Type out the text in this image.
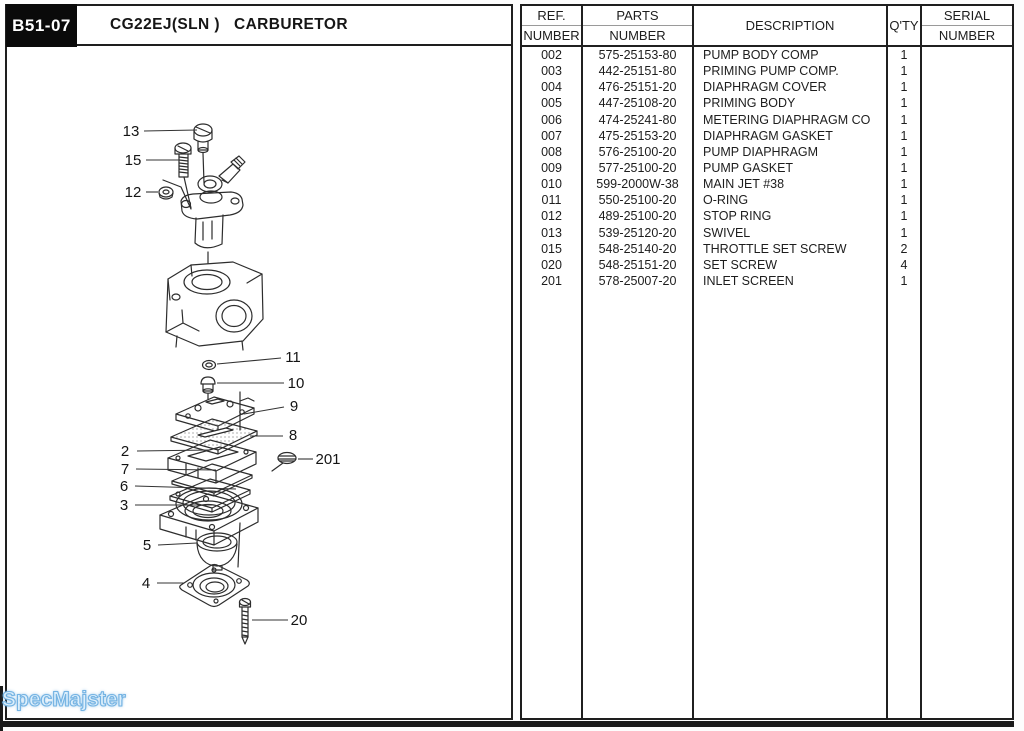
B51-07	CG22EJ(SLN )   CARBURETOR
13
15
12
11
10
9
8
2	201
7
6
3
5
4
20
REF.
NUMBER
PARTS
NUMBER
DESCRIPTION	Q'TY
SERIAL
NUMBER
002	575-25153-80	PUMP BODY COMP	1
003	442-25151-80	PRIMING PUMP COMP.	1
004	476-25151-20	DIAPHRAGM COVER	1
005	447-25108-20	PRIMING BODY	1
006	474-25241-80	METERING DIAPHRAGM CO	1
007	475-25153-20	DIAPHRAGM GASKET	1
008	576-25100-20	PUMP DIAPHRAGM	1
009	577-25100-20	PUMP GASKET	1
010	599-2000W-38	MAIN JET #38	1
011	550-25100-20	O-RING	1
012	489-25100-20	STOP RING	1
013	539-25120-20	SWIVEL	1
015	548-25140-20	THROTTLE SET SCREW	2
020	548-25151-20	SET SCREW	4
201	578-25007-20	INLET SCREEN	1
SpecMajster
